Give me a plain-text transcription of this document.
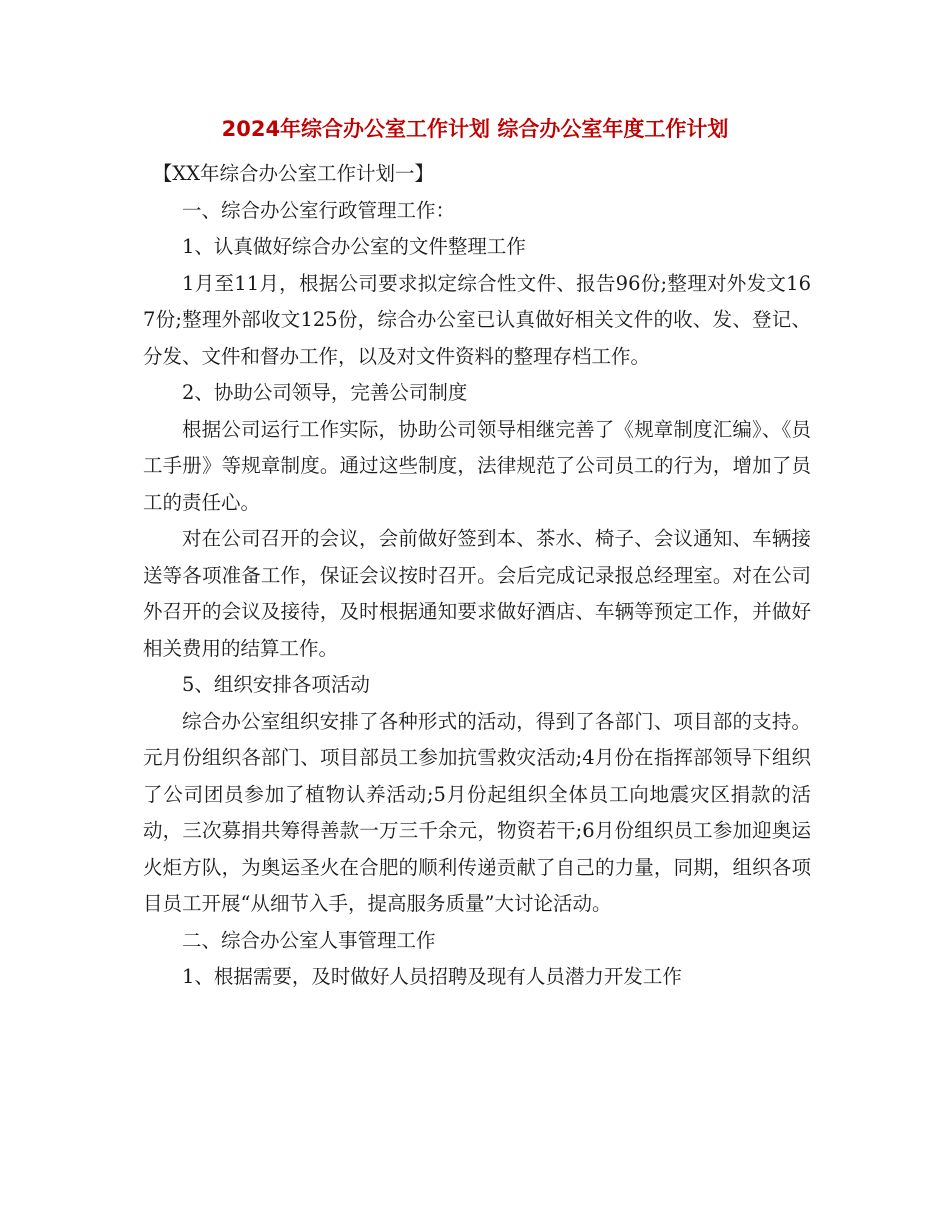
2024年综合办公室工作计划 综合办公室年度工作计划

【XX年综合办公室工作计划一】

一、综合办公室行政管理工作：

1、认真做好综合办公室的文件整理工作

1月至11月，根据公司要求拟定综合性文件、报告96份;整理对外发文167份;整理外部收文125份，综合办公室已认真做好相关文件的收、发、登记、分发、文件和督办工作，以及对文件资料的整理存档工作。

2、协助公司领导，完善公司制度

根据公司运行工作实际，协助公司领导相继完善了《规章制度汇编》、《员工手册》等规章制度。通过这些制度，法律规范了公司员工的行为，增加了员工的责任心。

对在公司召开的会议，会前做好签到本、茶水、椅子、会议通知、车辆接送等各项准备工作，保证会议按时召开。会后完成记录报总经理室。对在公司外召开的会议及接待，及时根据通知要求做好酒店、车辆等预定工作，并做好相关费用的结算工作。

5、组织安排各项活动

综合办公室组织安排了各种形式的活动，得到了各部门、项目部的支持。元月份组织各部门、项目部员工参加抗雪救灾活动;4月份在指挥部领导下组织了公司团员参加了植物认养活动;5月份起组织全体员工向地震灾区捐款的活动，三次募捐共筹得善款一万三千余元，物资若干;6月份组织员工参加迎奥运火炬方队，为奥运圣火在合肥的顺利传递贡献了自己的力量，同期，组织各项目员工开展“从细节入手，提高服务质量”大讨论活动。

二、综合办公室人事管理工作

1、根据需要，及时做好人员招聘及现有人员潜力开发工作
